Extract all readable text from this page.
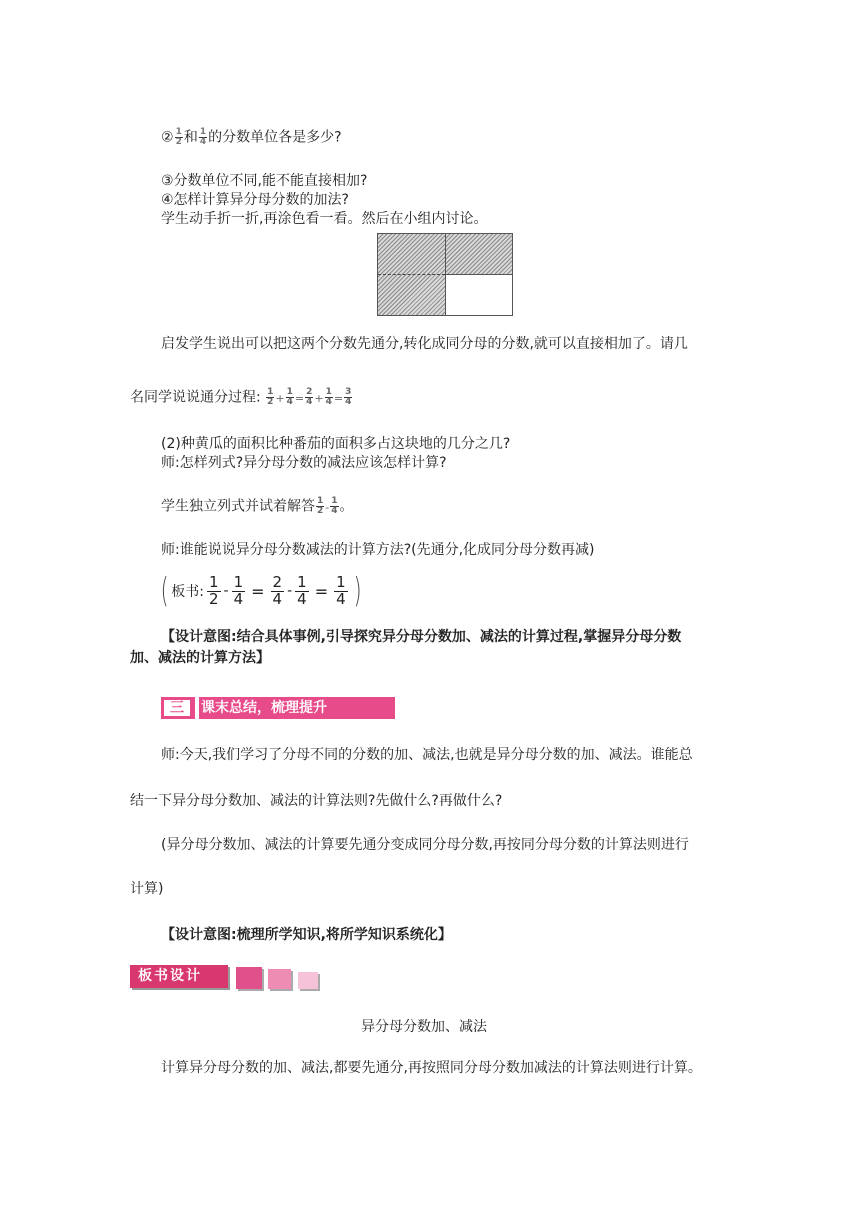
② $\frac{1}{2}$ 和 $\frac{1}{4}$ 的分数单位各是多少?
③分数单位不同,能不能直接相加?
④怎样计算异分母分数的加法?
学生动手折一折,再涂色看一看。然后在小组内讨论。
启发学生说出可以把这两个分数先通分,转化成同分母的分数,就可以直接相加了。请几
名同学说说通分过程: $\frac{1}{2} + \frac{1}{4} = \frac{2}{4} + \frac{1}{4} = \frac{3}{4}$
(2)种黄瓜的面积比种番茄的面积多占这块地的几分之几?
师:怎样列式?异分母分数的减法应该怎样计算?
学生独立列式并试着解答 $\frac{1}{2} - \frac{1}{4}$ 。
师:谁能说说异分母分数减法的计算方法?(先通分,化成同分母分数再减)
( 板书:
1
$2 - \frac{1}{4} = \frac{2}{4} - \frac{1}{4} = \frac{1}{4}$ )
【设计意图:结合具体事例,引导探究异分母分数加、减法的计算过程,掌握异分母分数
加、减法的计算方法】
三	课末总结，梳理提升
师:今天,我们学习了分母不同的分数的加、减法,也就是异分母分数的加、减法。谁能总
结一下异分母分数加、减法的计算法则?先做什么?再做什么?
(异分母分数加、减法的计算要先通分变成同分母分数,再按同分母分数的计算法则进行
计算)
【设计意图:梳理所学知识,将所学知识系统化】
板书设计
异分母分数加、减法
计算异分母分数的加、减法,都要先通分,再按照同分母分数加减法的计算法则进行计算。
